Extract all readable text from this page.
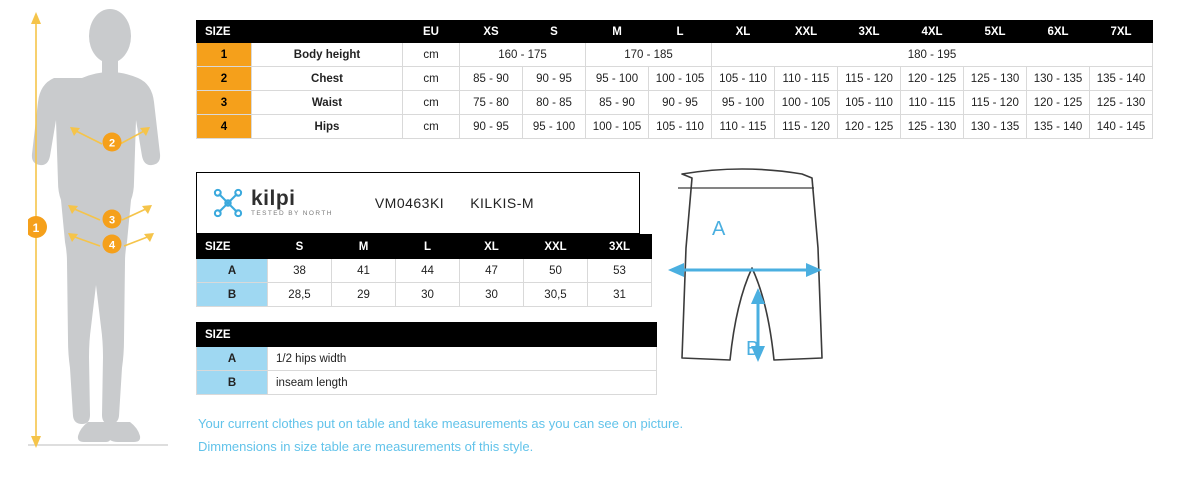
1
2
3
4
SIZE		EU	XS	S	M	L	XL	XXL	3XL	4XL	5XL	6XL	7XL
1	Body height	cm	160 - 175		170 - 185		180 - 195						
2	Chest	cm	85 - 90	90 - 95	95 - 100	100 - 105	105 - 110	110 - 115	115 - 120	120 - 125	125 - 130	130 - 135	135 - 140
3	Waist	cm	75 - 80	80 - 85	85 - 90	90 - 95	95 - 100	100 - 105	105 - 110	110 - 115	115 - 120	120 - 125	125 - 130
4	Hips	cm	90 - 95	95 - 100	100 - 105	105 - 110	110 - 115	115 - 120	120 - 125	125 - 130	130 - 135	135 - 140	140 - 145
kilpi
TESTED BY NORTH
VM0463KI KILKIS-M
SIZE	S	M	L	XL	XXL	3XL
A	38	41	44	47	50	53
B	28,5	29	30	30	30,5	31
SIZE	
A	1/2 hips width
B	inseam length
Your current clothes put on table and take measurements as you can see on picture.
Dimmensions in size table are measurements of this style.
A
B
